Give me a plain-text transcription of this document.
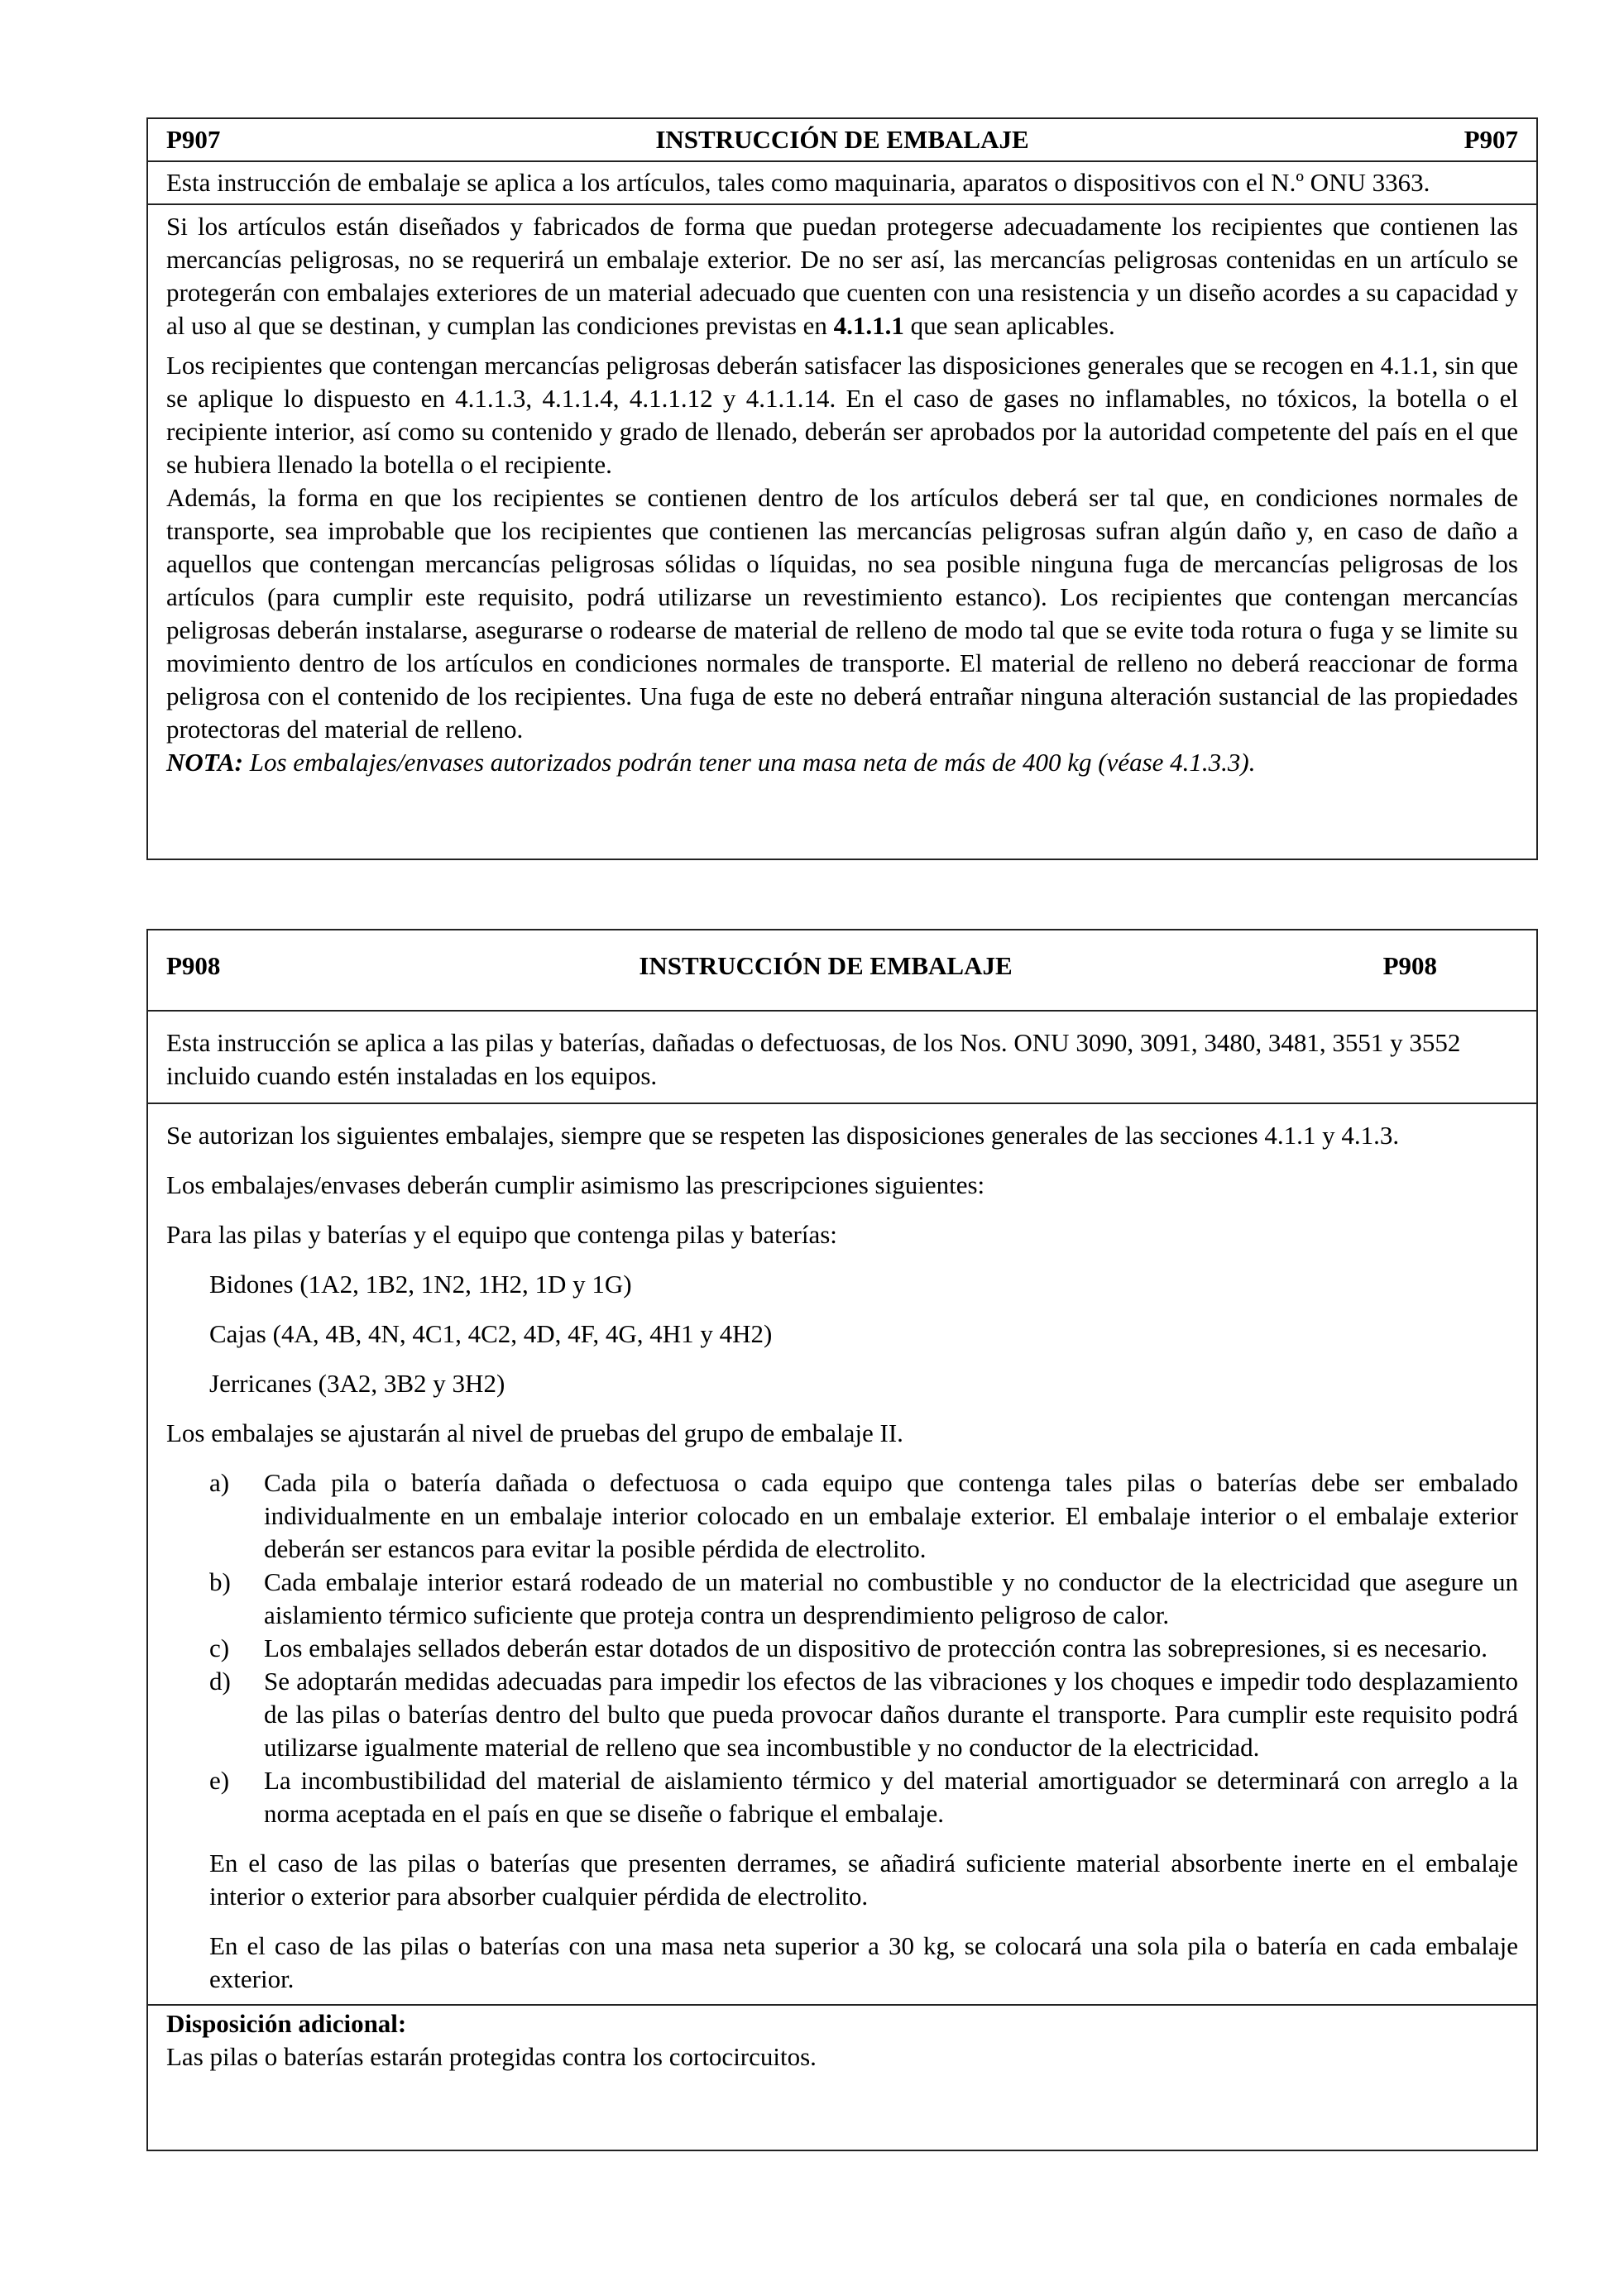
P907	INSTRUCCIÓN DE EMBALAJE	P907

Esta instrucción de embalaje se aplica a los artículos, tales como maquinaria, aparatos o dispositivos con el N.º ONU 3363.

Si los artículos están diseñados y fabricados de forma que puedan protegerse adecuadamente los recipientes que contienen las mercancías peligrosas, no se requerirá un embalaje exterior. De no ser así, las mercancías peligrosas contenidas en un artículo se protegerán con embalajes exteriores de un material adecuado que cuenten con una resistencia y un diseño acordes a su capacidad y al uso al que se destinan, y cumplan las condiciones previstas en 4.1.1.1 que sean aplicables.

Los recipientes que contengan mercancías peligrosas deberán satisfacer las disposiciones generales que se recogen en 4.1.1, sin que se aplique lo dispuesto en 4.1.1.3, 4.1.1.4, 4.1.1.12 y 4.1.1.14. En el caso de gases no inflamables, no tóxicos, la botella o el recipiente interior, así como su contenido y grado de llenado, deberán ser aprobados por la autoridad competente del país en el que se hubiera llenado la botella o el recipiente.

Además, la forma en que los recipientes se contienen dentro de los artículos deberá ser tal que, en condiciones normales de transporte, sea improbable que los recipientes que contienen las mercancías peligrosas sufran algún daño y, en caso de daño a aquellos que contengan mercancías peligrosas sólidas o líquidas, no sea posible ninguna fuga de mercancías peligrosas de los artículos (para cumplir este requisito, podrá utilizarse un revestimiento estanco). Los recipientes que contengan mercancías peligrosas deberán instalarse, asegurarse o rodearse de material de relleno de modo tal que se evite toda rotura o fuga y se limite su movimiento dentro de los artículos en condiciones normales de transporte. El material de relleno no deberá reaccionar de forma peligrosa con el contenido de los recipientes. Una fuga de este no deberá entrañar ninguna alteración sustancial de las propiedades protectoras del material de relleno.

NOTA: Los embalajes/envases autorizados podrán tener una masa neta de más de 400 kg (véase 4.1.3.3).

P908	INSTRUCCIÓN DE EMBALAJE	P908

Esta instrucción se aplica a las pilas y baterías, dañadas o defectuosas, de los Nos. ONU 3090, 3091, 3480, 3481, 3551 y 3552 incluido cuando estén instaladas en los equipos.

Se autorizan los siguientes embalajes, siempre que se respeten las disposiciones generales de las secciones 4.1.1 y 4.1.3.

Los embalajes/envases deberán cumplir asimismo las prescripciones siguientes:

Para las pilas y baterías y el equipo que contenga pilas y baterías:

Bidones (1A2, 1B2, 1N2, 1H2, 1D y 1G)

Cajas (4A, 4B, 4N, 4C1, 4C2, 4D, 4F, 4G, 4H1 y 4H2)

Jerricanes (3A2, 3B2 y 3H2)

Los embalajes se ajustarán al nivel de pruebas del grupo de embalaje II.

a) Cada pila o batería dañada o defectuosa o cada equipo que contenga tales pilas o baterías debe ser embalado individualmente en un embalaje interior colocado en un embalaje exterior. El embalaje interior o el embalaje exterior deberán ser estancos para evitar la posible pérdida de electrolito.
b) Cada embalaje interior estará rodeado de un material no combustible y no conductor de la electricidad que asegure un aislamiento térmico suficiente que proteja contra un desprendimiento peligroso de calor.
c) Los embalajes sellados deberán estar dotados de un dispositivo de protección contra las sobrepresiones, si es necesario.
d) Se adoptarán medidas adecuadas para impedir los efectos de las vibraciones y los choques e impedir todo desplazamiento de las pilas o baterías dentro del bulto que pueda provocar daños durante el transporte. Para cumplir este requisito podrá utilizarse igualmente material de relleno que sea incombustible y no conductor de la electricidad.
e) La incombustibilidad del material de aislamiento térmico y del material amortiguador se determinará con arreglo a la norma aceptada en el país en que se diseñe o fabrique el embalaje.

En el caso de las pilas o baterías que presenten derrames, se añadirá suficiente material absorbente inerte en el embalaje interior o exterior para absorber cualquier pérdida de electrolito.

En el caso de las pilas o baterías con una masa neta superior a 30 kg, se colocará una sola pila o batería en cada embalaje exterior.

Disposición adicional:

Las pilas o baterías estarán protegidas contra los cortocircuitos.
